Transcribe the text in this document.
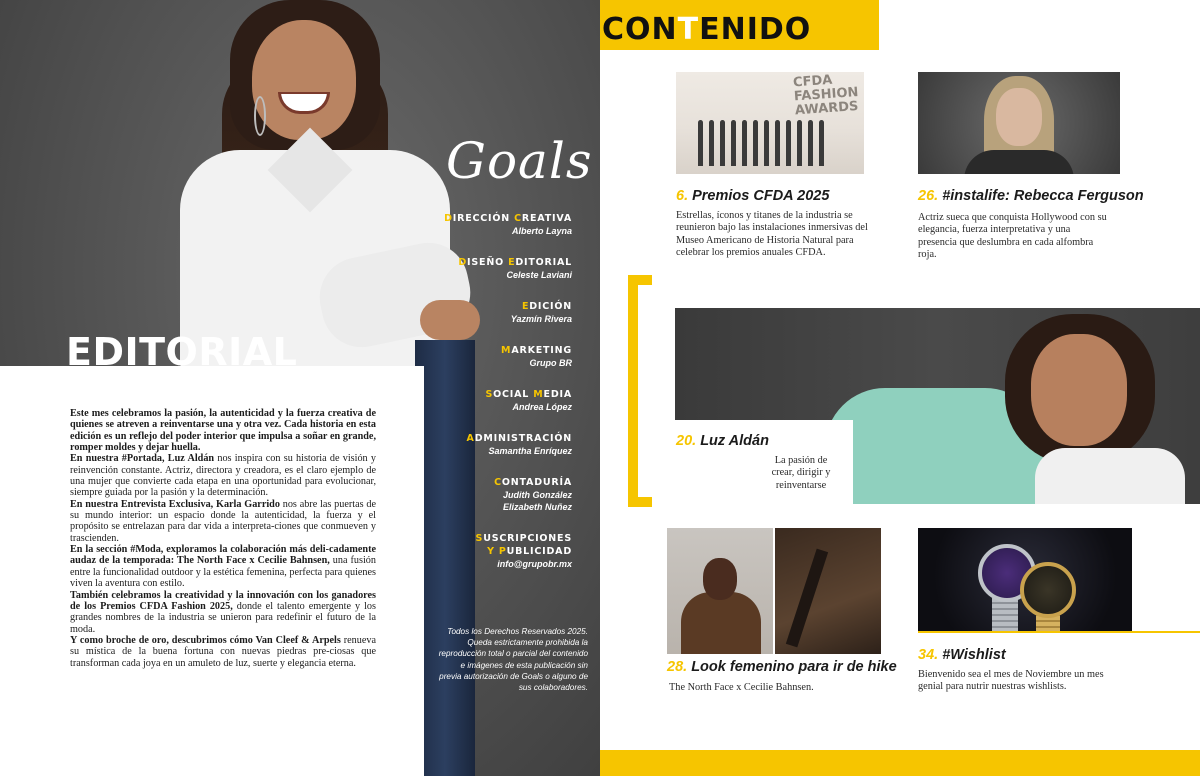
Goals
DIRECCIÓN CREATIVA
Alberto Layna
DISEÑO EDITORIAL
Celeste Laviani
EDICIÓN
Yazmín Rivera
MARKETING
Grupo BR
SOCIAL MEDIA
Andrea López
ADMINISTRACIÓN
Samantha Enríquez
CONTADURÍA
Judith González
Elizabeth Nuñez
SUSCRIPCIONES
Y PUBLICIDAD
info@grupobr.mx
Todos los Derechos Reservados 2025. Queda estrictamente prohibida la reproducción total o parcial del contenido e imágenes de esta publicación sin previa autorización de Goals o alguno de sus colaboradores.

Este mes celebramos la pasión, la autenticidad y la fuerza creativa de quienes se atreven a reinventarse una y otra vez. Cada historia en esta edición es un reflejo del poder interior que impulsa a soñar en grande, romper moldes y dejar huella.

En nuestra #Portada, Luz Aldán nos inspira con su historia de visión y reinvención constante. Actriz, directora y creadora, es el claro ejemplo de una mujer que convierte cada etapa en una oportunidad para evolucionar, siempre guiada por la pasión y la determinación.

En nuestra Entrevista Exclusiva, Karla Garrido nos abre las puertas de su mundo interior: un espacio donde la autenticidad, la fuerza y el propósito se entrelazan para dar vida a interpreta-ciones que conmueven y trascienden.

En la sección #Moda, exploramos la colaboración más deli-cadamente audaz de la temporada: The North Face x Cecilie Bahnsen, una fusión entre la funcionalidad outdoor y la estética femenina, perfecta para quienes viven la aventura con estilo.

También celebramos la creatividad y la innovación con los ganadores de los Premios CFDA Fashion 2025, donde el talento emergente y los grandes nombres de la industria se unieron para redefinir el futuro de la moda.

Y como broche de oro, descubrimos cómo Van Cleef & Arpels renueva su mística de la buena fortuna con nuevas piedras pre-ciosas que transforman cada joya en un amuleto de luz, suerte y elegancia eterna.

EDITORIAL
CONTENIDO
CFDA FASHION AWARDS
6. Premios CFDA 2025
Estrellas, íconos y titanes de la industria se reunieron bajo las instalaciones inmersivas del Museo Americano de Historia Natural para celebrar los premios anuales CFDA.
26. #instalife: Rebecca Ferguson
Actriz sueca que conquista Hollywood con su elegancia, fuerza interpretativa y una presencia que deslumbra en cada alfombra roja.
20. Luz Aldán
La pasión de crear, dirigir y reinventarse
28. Look femenino para ir de hike
The North Face x Cecilie Bahnsen.
34. #Wishlist
Bienvenido sea el mes de Noviembre un mes genial para nutrir nuestras wishlists.
